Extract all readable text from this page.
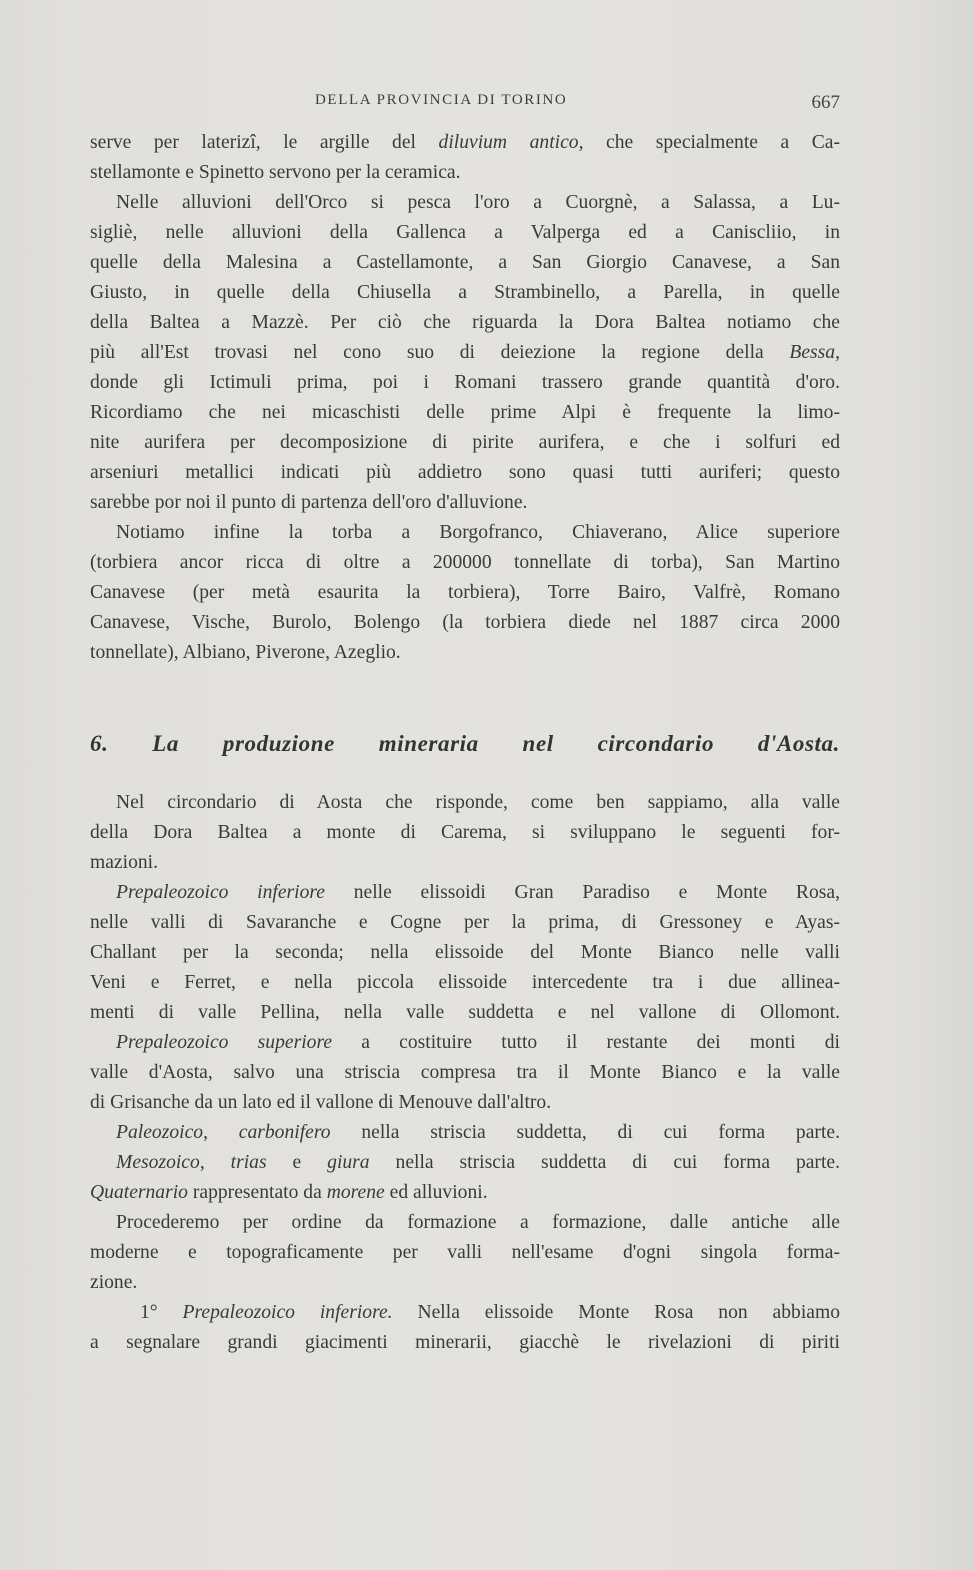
DELLA PROVINCIA DI TORINO	667
serve per laterizî, le argille del diluvium antico, che specialmente a Ca-
stellamonte e Spinetto servono per la ceramica.
Nelle alluvioni dell'Orco si pesca l'oro a Cuorgnè, a Salassa, a Lu-
sigliè, nelle alluvioni della Gallenca a Valperga ed a Caniscliio, in
quelle della Malesina a Castellamonte, a San Giorgio Canavese, a San
Giusto, in quelle della Chiusella a Strambinello, a Parella, in quelle
della Baltea a Mazzè. Per ciò che riguarda la Dora Baltea notiamo che
più all'Est trovasi nel cono suo di deiezione la regione della Bessa,
donde gli Ictimuli prima, poi i Romani trassero grande quantità d'oro.
Ricordiamo che nei micaschisti delle prime Alpi è frequente la limo-
nite aurifera per decomposizione di pirite aurifera, e che i solfuri ed
arseniuri metallici indicati più addietro sono quasi tutti auriferi; questo
sarebbe por noi il punto di partenza dell'oro d'alluvione.
Notiamo infine la torba a Borgofranco, Chiaverano, Alice superiore
(torbiera ancor ricca di oltre a 200000 tonnellate di torba), San Martino
Canavese (per metà esaurita la torbiera), Torre Bairo, Valfrè, Romano
Canavese, Vische, Burolo, Bolengo (la torbiera diede nel 1887 circa 2000
tonnellate), Albiano, Piverone, Azeglio.
6. La produzione mineraria nel circondario d'Aosta.
Nel circondario di Aosta che risponde, come ben sappiamo, alla valle
della Dora Baltea a monte di Carema, si sviluppano le seguenti for-
mazioni.
Prepaleozoico inferiore nelle elissoidi Gran Paradiso e Monte Rosa,
nelle valli di Savaranche e Cogne per la prima, di Gressoney e Ayas-
Challant per la seconda; nella elissoide del Monte Bianco nelle valli
Veni e Ferret, e nella piccola elissoide intercedente tra i due allinea-
menti di valle Pellina, nella valle suddetta e nel vallone di Ollomont.
Prepaleozoico superiore a costituire tutto il restante dei monti di
valle d'Aosta, salvo una striscia compresa tra il Monte Bianco e la valle
di Grisanche da un lato ed il vallone di Menouve dall'altro.
Paleozoico, carbonifero nella striscia suddetta, di cui forma parte.
Mesozoico, trias e giura nella striscia suddetta di cui forma parte.
Quaternario rappresentato da morene ed alluvioni.
Procederemo per ordine da formazione a formazione, dalle antiche alle
moderne e topograficamente per valli nell'esame d'ogni singola forma-
zione.
1° Prepaleozoico inferiore. Nella elissoide Monte Rosa non abbiamo
a segnalare grandi giacimenti minerarii, giacchè le rivelazioni di piriti
